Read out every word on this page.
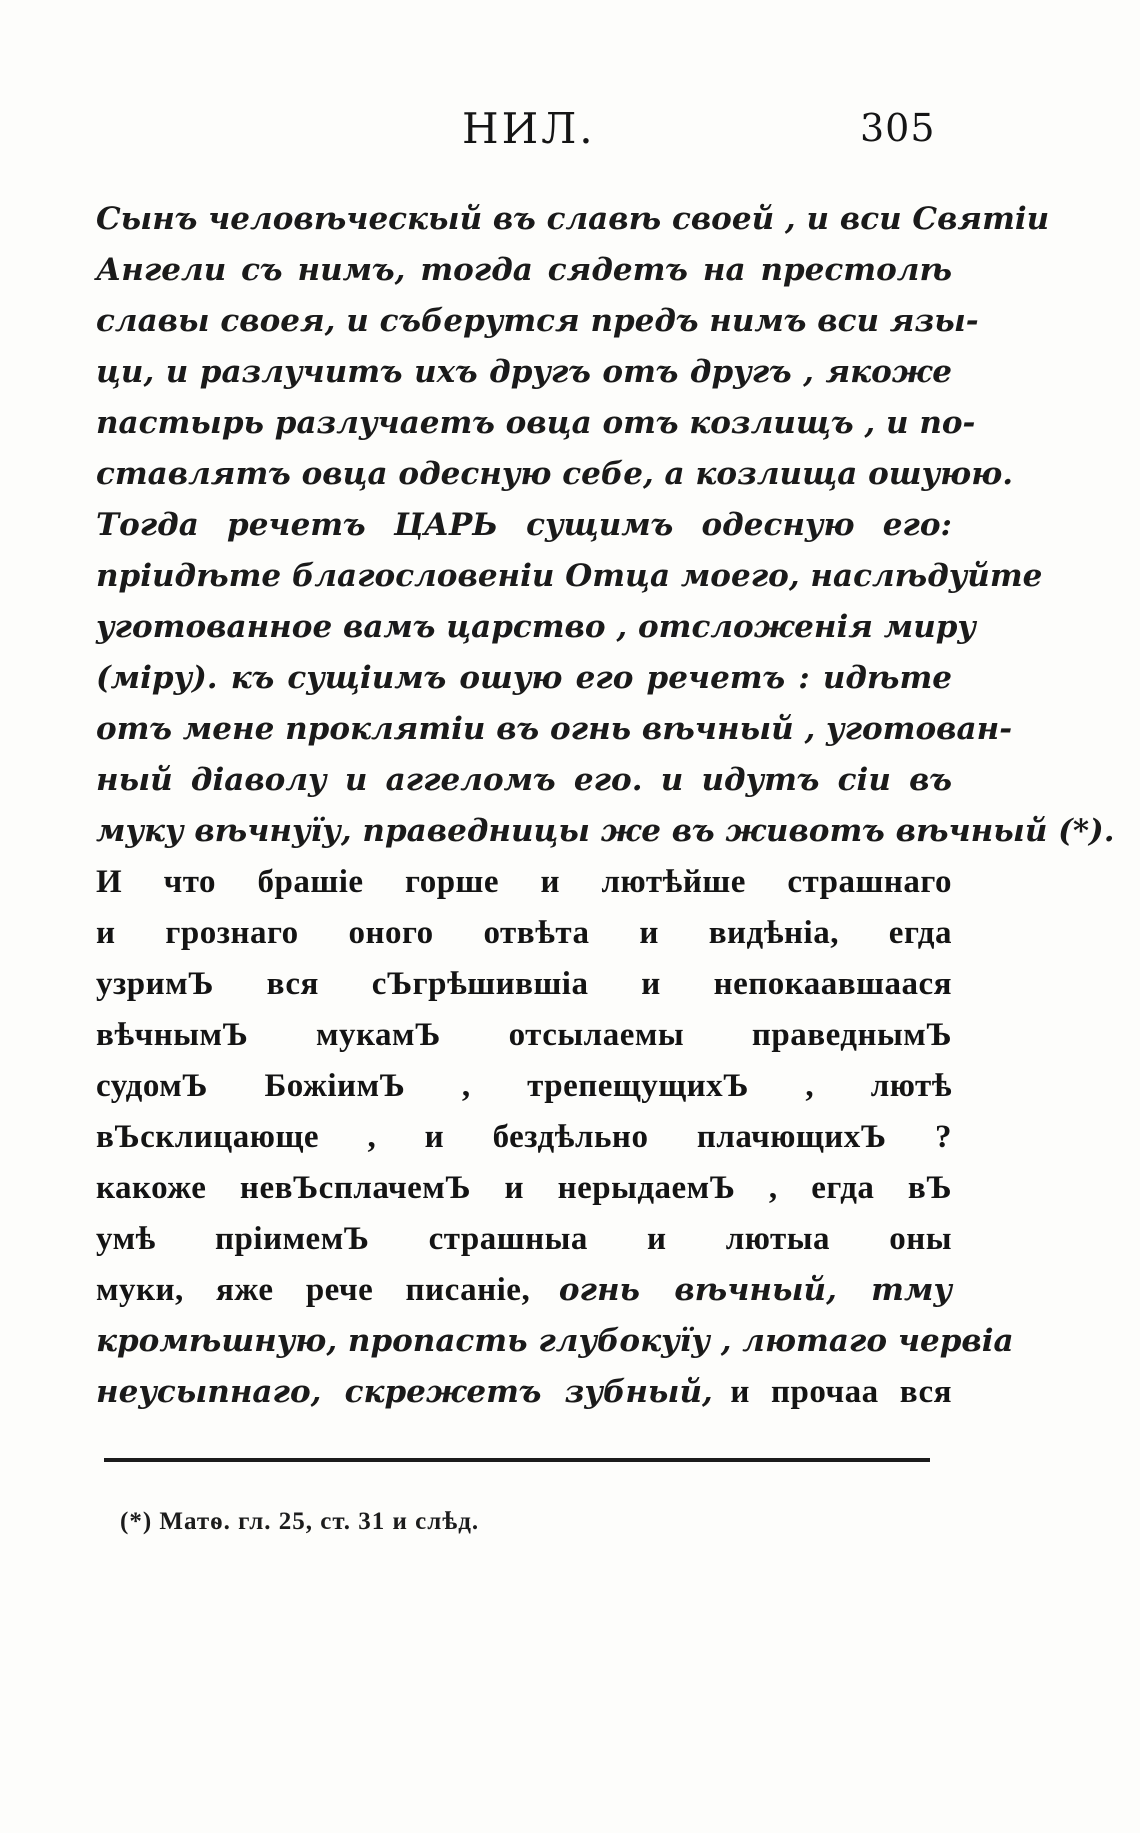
НИЛ.	305
Сынъ человѣческый въ славѣ своей , и вси Святіи
Ангели съ нимъ, тогда сядетъ на престолѣ
славы своея, и съберутся предъ нимъ вси язы-
ци, и разлучитъ ихъ другъ отъ другъ , якоже
пастырь разлучаетъ овца отъ козлищъ , и по-
ставлятъ овца одесную себе, а козлища ошуюю.
Тогда речетъ ЦАРЬ сущимъ одесную его:
пріидѣте благословеніи Отца моего, наслѣдуйте
уготованное вамъ царство , отсложенія миру
(міру). къ сущіимъ ошую его речетъ : идѣте
отъ мене проклятіи въ огнь вѣчный , уготован-
ный діаволу и аггеломъ его. и идутъ сіи въ
муку вѣчнуїу, праведницы же въ животъ вѣчный (*).
И что брашіе горше и лютѣйше страшнаго
и грознаго оного отвѣта и видѣніа, егда
узримЪ вся сЪгрѣшившіа и непокаавшаася
вѣчнымЪ мукамЪ отсылаемы праведнымЪ
судомЪ БожіимЪ , трепещущихЪ , лютѣ
вЪсклицающе , и бездѣльно плачющихЪ ?
какоже невЪсплачемЪ и нерыдаемЪ , егда вЪ
умѣ пріимемЪ страшныа и лютыа оны
муки, яже рече писаніе, огнь вѣчный, тму
кромѣшную, пропасть глубокуїу , лютаго червіа
неусыпнаго, скрежетъ зубный, и прочаа вся
(*) Матѳ. гл. 25, ст. 31 и слѣд.
